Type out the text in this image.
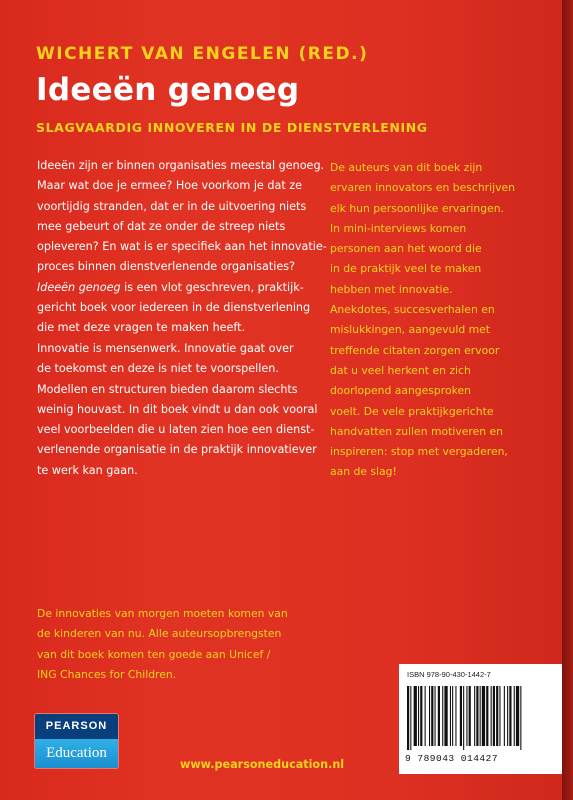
WICHERT VAN ENGELEN (RED.)
Ideeën genoeg
SLAGVAARDIG INNOVEREN IN DE DIENSTVERLENING
Ideeën zijn er binnen organisaties meestal genoeg.
Maar wat doe je ermee? Hoe voorkom je dat ze
voortijdig stranden, dat er in de uitvoering niets
mee gebeurt of dat ze onder de streep niets
opleveren? En wat is er specifiek aan het innovatie-
proces binnen dienstverlenende organisaties?
Ideeën genoeg is een vlot geschreven, praktijk-
gericht boek voor iedereen in de dienstverlening
die met deze vragen te maken heeft.
Innovatie is mensenwerk. Innovatie gaat over
de toekomst en deze is niet te voorspellen.
Modellen en structuren bieden daarom slechts
weinig houvast. In dit boek vindt u dan ook vooral
veel voorbeelden die u laten zien hoe een dienst-
verlenende organisatie in de praktijk innovatiever
te werk kan gaan.
De auteurs van dit boek zijn
ervaren innovators en beschrijven
elk hun persoonlijke ervaringen.
In mini-interviews komen
personen aan het woord die
in de praktijk veel te maken
hebben met innovatie.
Anekdotes, succesverhalen en
mislukkingen, aangevuld met
treffende citaten zorgen ervoor
dat u veel herkent en zich
doorlopend aangesproken
voelt. De vele praktijkgerichte
handvatten zullen motiveren en
inspireren: stop met vergaderen,
aan de slag!
De innovaties van morgen moeten komen van
de kinderen van nu. Alle auteursopbrengsten
van dit boek komen ten goede aan Unicef /
ING Chances for Children.	ISBN 978-90-430-1442-7
9 789043 014427
PEARSON
Education
www.pearsoneducation.nl
